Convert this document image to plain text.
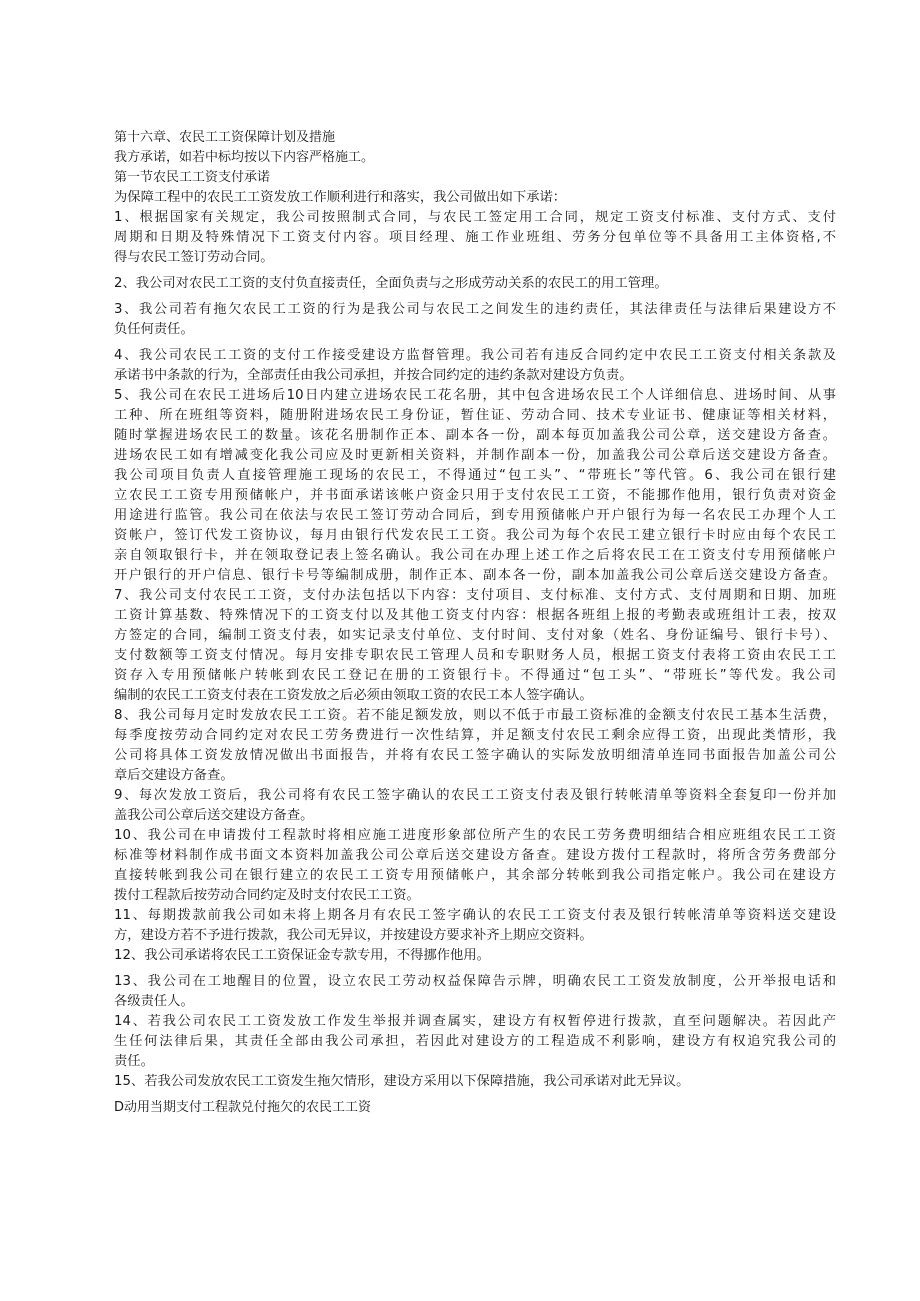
第十六章、农民工工资保障计划及措施
我方承诺，如若中标均按以下内容严格施工。
第一节农民工工资支付承诺
为保障工程中的农民工工资发放工作顺利进行和落实，我公司做出如下承诺：
1、根据国家有关规定，我公司按照制式合同，与农民工签定用工合同，规定工资支付标准、支付方式、支付
周期和日期及特殊情况下工资支付内容。项目经理、施工作业班组、劳务分包单位等不具备用工主体资格,不
得与农民工签订劳动合同。
2、我公司对农民工工资的支付负直接责任，全面负责与之形成劳动关系的农民工的用工管理。
3、我公司若有拖欠农民工工资的行为是我公司与农民工之间发生的违约责任，其法律责任与法律后果建设方不
负任何责任。
4、我公司农民工工资的支付工作接受建设方监督管理。我公司若有违反合同约定中农民工工资支付相关条款及
承诺书中条款的行为，全部责任由我公司承担，并按合同约定的违约条款对建设方负责。
5、我公司在农民工进场后10日内建立进场农民工花名册，其中包含进场农民工个人详细信息、进场时间、从事
工种、所在班组等资料，随册附进场农民工身份证，暂住证、劳动合同、技术专业证书、健康证等相关材料，
随时掌握进场农民工的数量。该花名册制作正本、副本各一份，副本每页加盖我公司公章，送交建设方备查。
进场农民工如有增减变化我公司应及时更新相关资料，并制作副本一份，加盖我公司公章后送交建设方备查。
我公司项目负责人直接管理施工现场的农民工，不得通过“包工头”、“带班长”等代管。6、我公司在银行建
立农民工工资专用预储帐户，并书面承诺该帐户资金只用于支付农民工工资，不能挪作他用，银行负责对资金
用途进行监管。我公司在依法与农民工签订劳动合同后，到专用预储帐户开户银行为每一名农民工办理个人工
资帐户，签订代发工资协议，每月由银行代发农民工工资。我公司为每个农民工建立银行卡时应由每个农民工
亲自领取银行卡，并在领取登记表上签名确认。我公司在办理上述工作之后将农民工在工资支付专用预储帐户
开户银行的开户信息、银行卡号等编制成册，制作正本、副本各一份，副本加盖我公司公章后送交建设方备查。
7、我公司支付农民工工资，支付办法包括以下内容：支付项目、支付标准、支付方式、支付周期和日期、加班
工资计算基数、特殊情况下的工资支付以及其他工资支付内容：根据各班组上报的考勤表或班组计工表，按双
方签定的合同，编制工资支付表，如实记录支付单位、支付时间、支付对象（姓名、身份证编号、银行卡号）、
支付数额等工资支付情况。每月安排专职农民工管理人员和专职财务人员，根据工资支付表将工资由农民工工
资存入专用预储帐户转帐到农民工登记在册的工资银行卡。不得通过“包工头”、“带班长”等代发。我公司
编制的农民工工资支付表在工资发放之后必须由领取工资的农民工本人签字确认。
8、我公司每月定时发放农民工工资。若不能足额发放，则以不低于市最工资标准的金额支付农民工基本生活费，
每季度按劳动合同约定对农民工劳务费进行一次性结算，并足额支付农民工剩余应得工资，出现此类情形，我
公司将具体工资发放情况做出书面报告，并将有农民工签字确认的实际发放明细清单连同书面报告加盖公司公
章后交建设方备查。
9、每次发放工资后，我公司将有农民工签字确认的农民工工资支付表及银行转帐清单等资料全套复印一份并加
盖我公司公章后送交建设方备查。
10、我公司在申请拨付工程款时将相应施工进度形象部位所产生的农民工劳务费明细结合相应班组农民工工资
标准等材料制作成书面文本资料加盖我公司公章后送交建设方备查。建设方拨付工程款时，将所含劳务费部分
直接转帐到我公司在银行建立的农民工工资专用预储帐户，其余部分转帐到我公司指定帐户。我公司在建设方
拨付工程款后按劳动合同约定及时支付农民工工资。
11、每期拨款前我公司如未将上期各月有农民工签字确认的农民工工资支付表及银行转帐清单等资料送交建设
方，建设方若不予进行拨款，我公司无异议，并按建设方要求补齐上期应交资料。
12、我公司承诺将农民工工资保证金专款专用，不得挪作他用。
13、我公司在工地醒目的位置，设立农民工劳动权益保障告示牌，明确农民工工资发放制度，公开举报电话和
各级责任人。
14、若我公司农民工工资发放工作发生举报并调查属实，建设方有权暂停进行拨款，直至问题解决。若因此产
生任何法律后果，其责任全部由我公司承担，若因此对建设方的工程造成不利影响，建设方有权追究我公司的
责任。
15、若我公司发放农民工工资发生拖欠情形，建设方采用以下保障措施，我公司承诺对此无异议。
D动用当期支付工程款兑付拖欠的农民工工资
